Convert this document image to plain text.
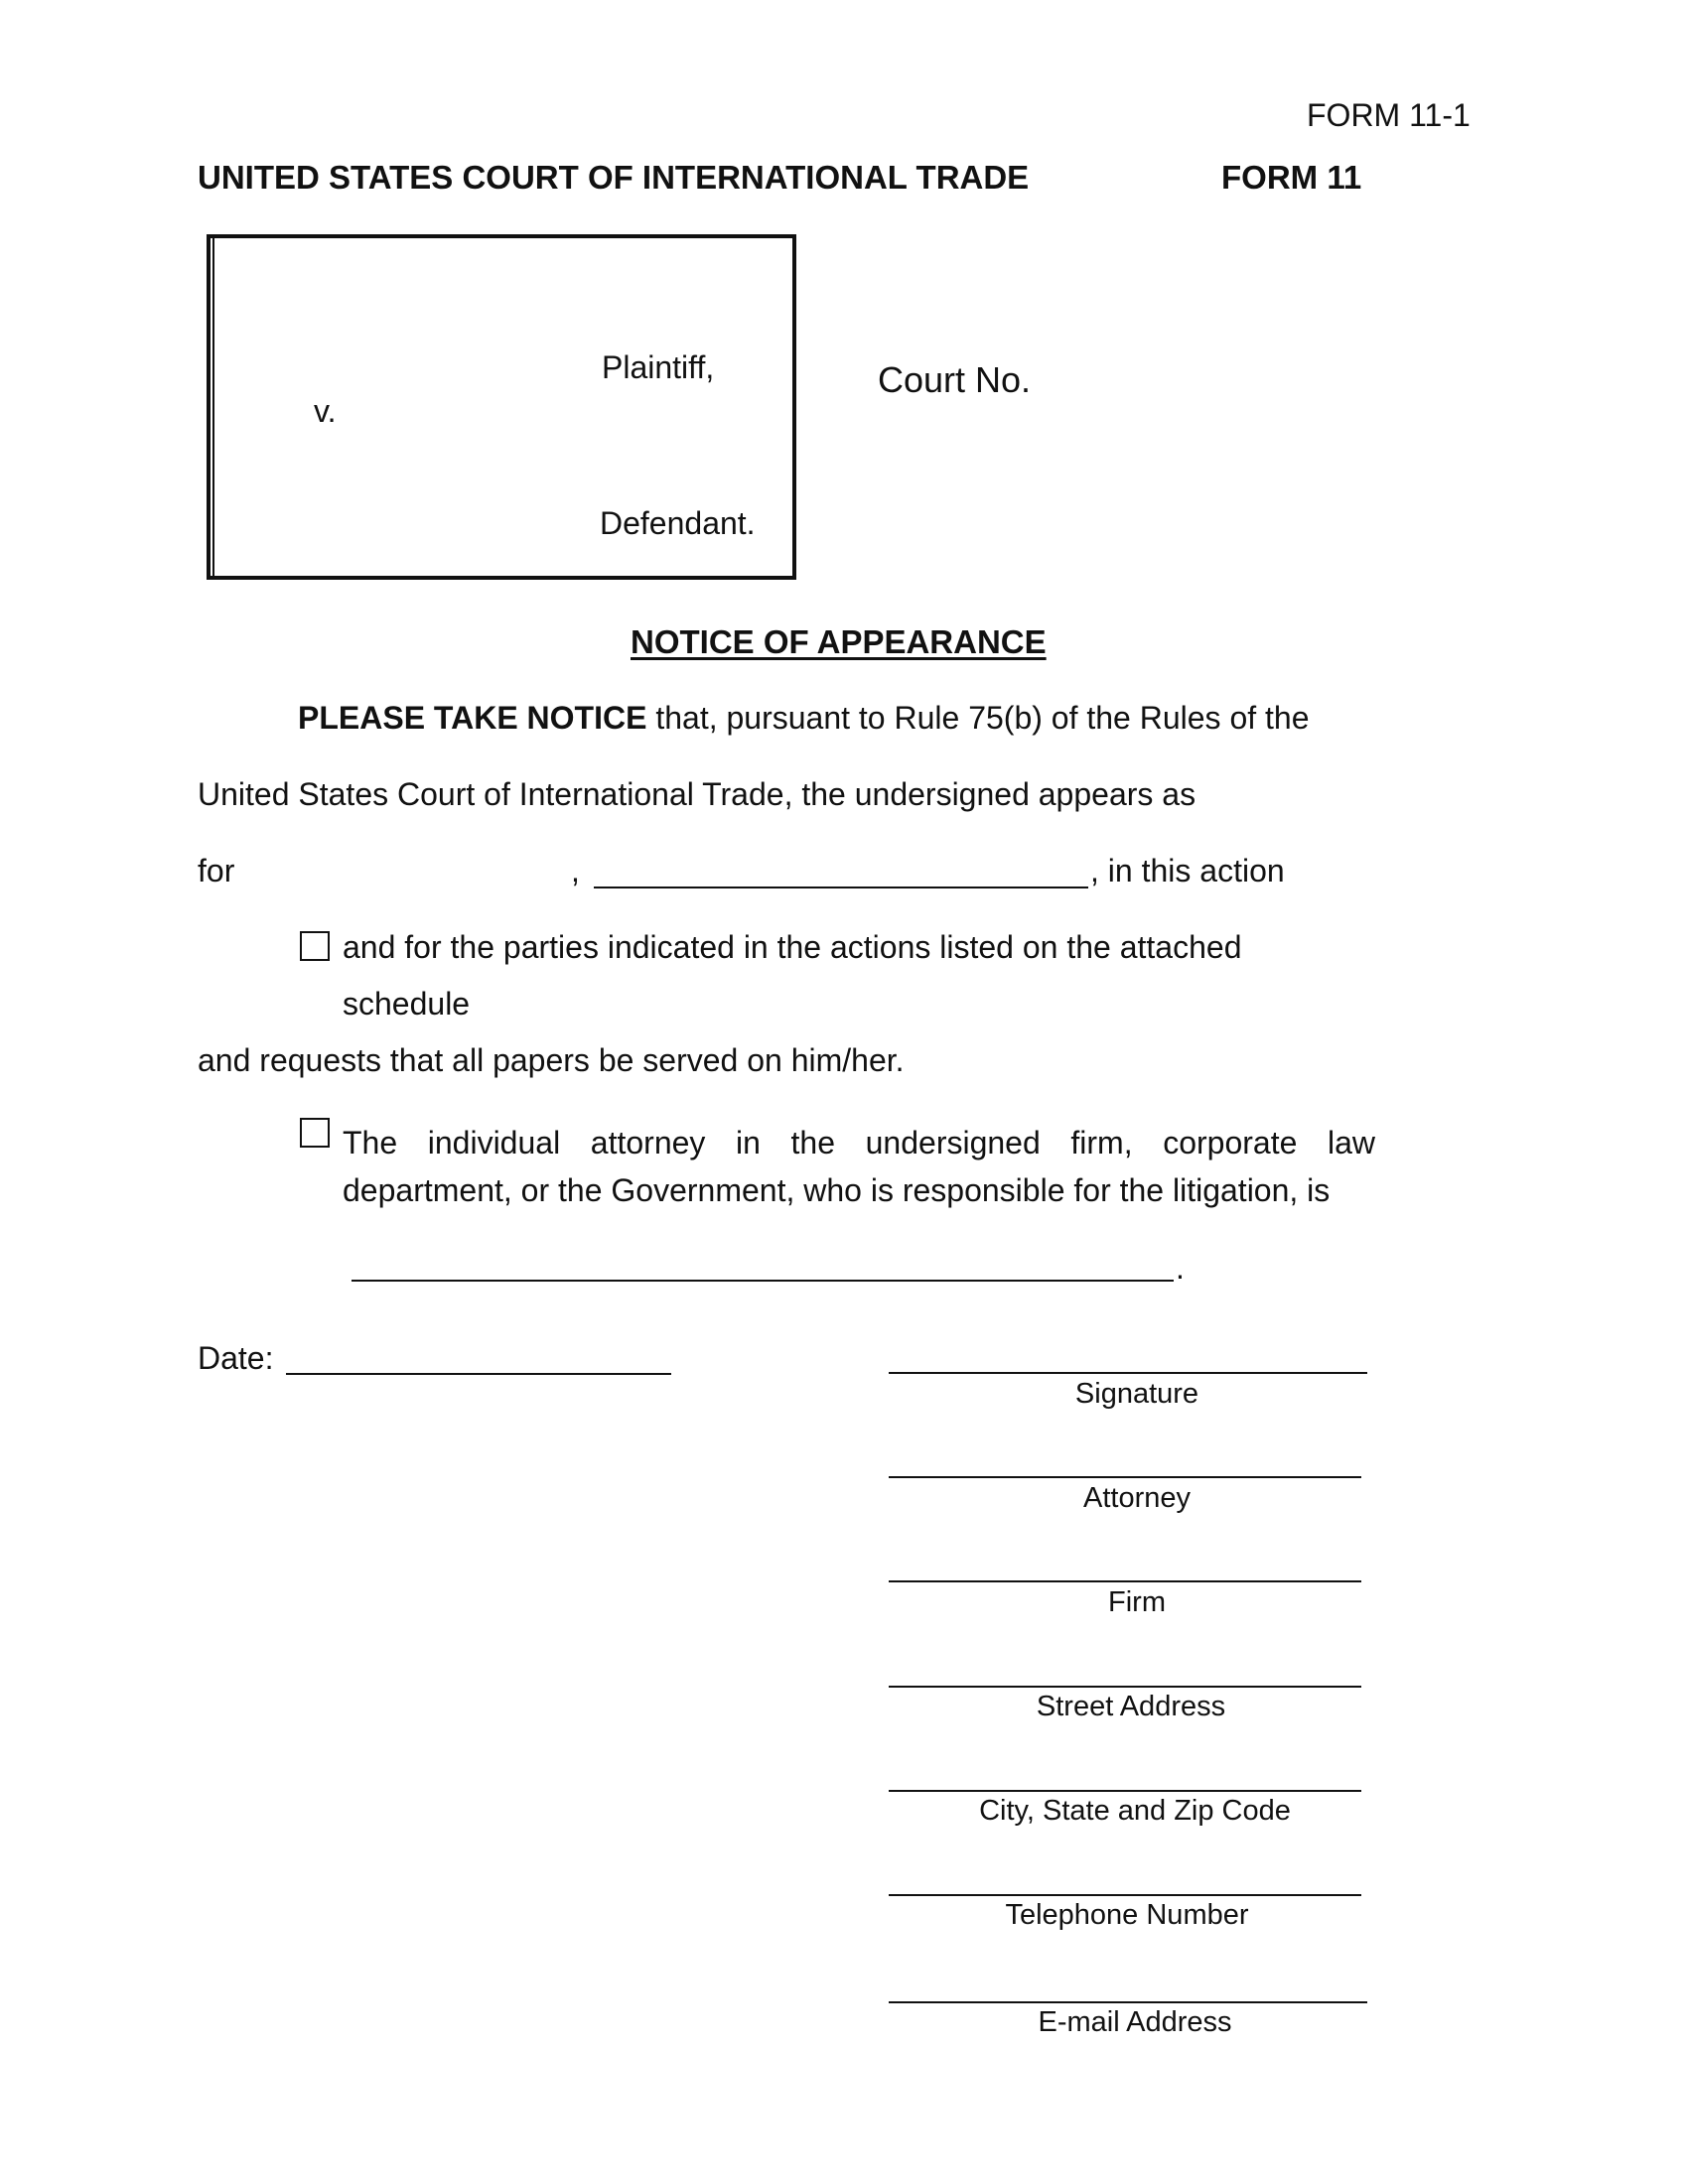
FORM 11-1
UNITED STATES COURT OF INTERNATIONAL TRADE	FORM 11
Plaintiff,
v.
Defendant.
Court No.
NOTICE OF APPEARANCE
PLEASE TAKE NOTICE that, pursuant to Rule 75(b) of the Rules of the
United States Court of International Trade, the undersigned appears as
for	,	, in this action
and for the parties indicated in the actions listed on the attached
schedule
and requests that all papers be served on him/her.
The individual attorney in the undersigned firm, corporate law
department, or the Government, who is responsible for the litigation, is
.
Date:
Signature
Attorney
Firm
Street Address
City, State and Zip Code
Telephone Number
E-mail Address
